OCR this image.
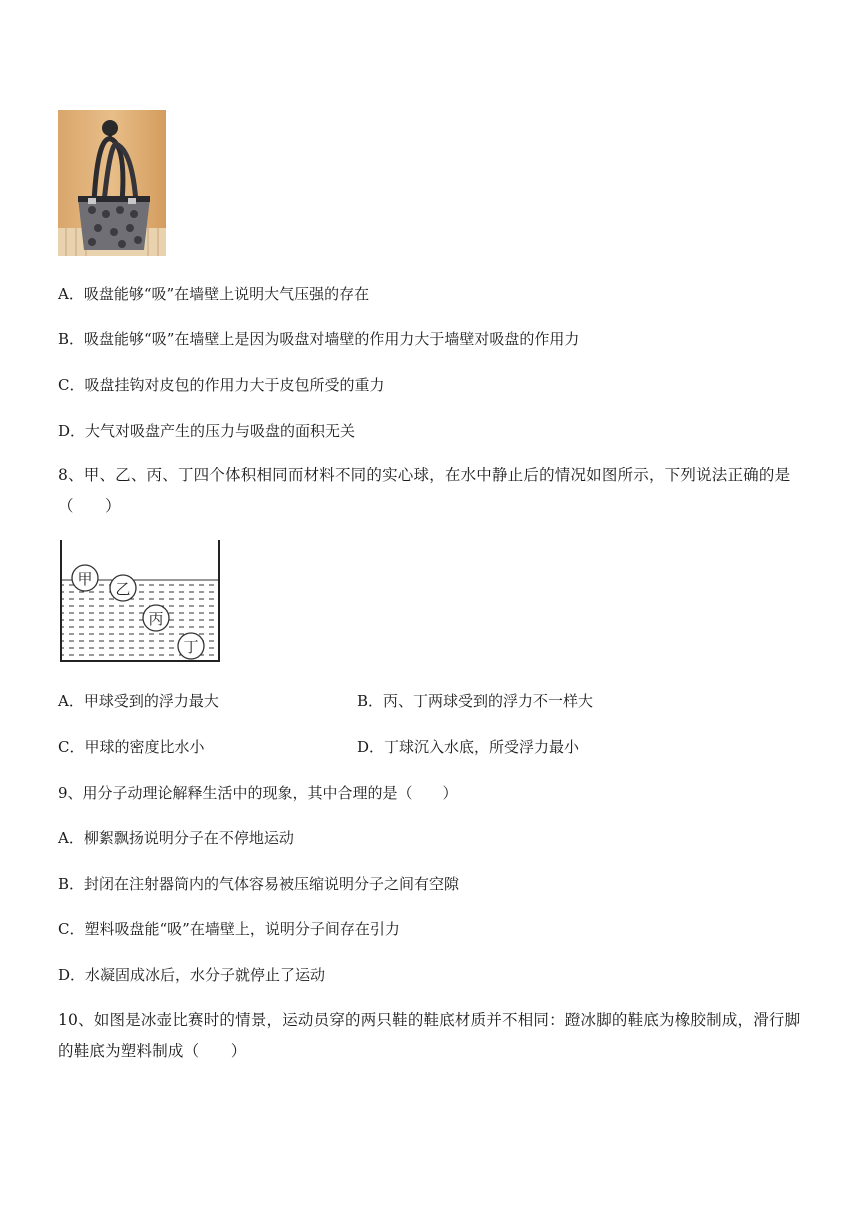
A．吸盘能够“吸”在墙壁上说明大气压强的存在
B．吸盘能够“吸”在墙壁上是因为吸盘对墙壁的作用力大于墙壁对吸盘的作用力
C．吸盘挂钩对皮包的作用力大于皮包所受的重力
D．大气对吸盘产生的压力与吸盘的面积无关
8、甲、乙、丙、丁四个体积相同而材料不同的实心球，在水中静止后的情况如图所示，下列说法正确的是（　　）
甲
乙
丙
丁
A．甲球受到的浮力最大	B．丙、丁两球受到的浮力不一样大
C．甲球的密度比水小	D．丁球沉入水底，所受浮力最小
9、用分子动理论解释生活中的现象，其中合理的是（　　）
A．柳絮飘扬说明分子在不停地运动
B．封闭在注射器筒内的气体容易被压缩说明分子之间有空隙
C．塑料吸盘能“吸”在墙壁上，说明分子间存在引力
D．水凝固成冰后，水分子就停止了运动
10、如图是冰壶比赛时的情景，运动员穿的两只鞋的鞋底材质并不相同：蹬冰脚的鞋底为橡胶制成，滑行脚的鞋底为塑料制成（　　）
